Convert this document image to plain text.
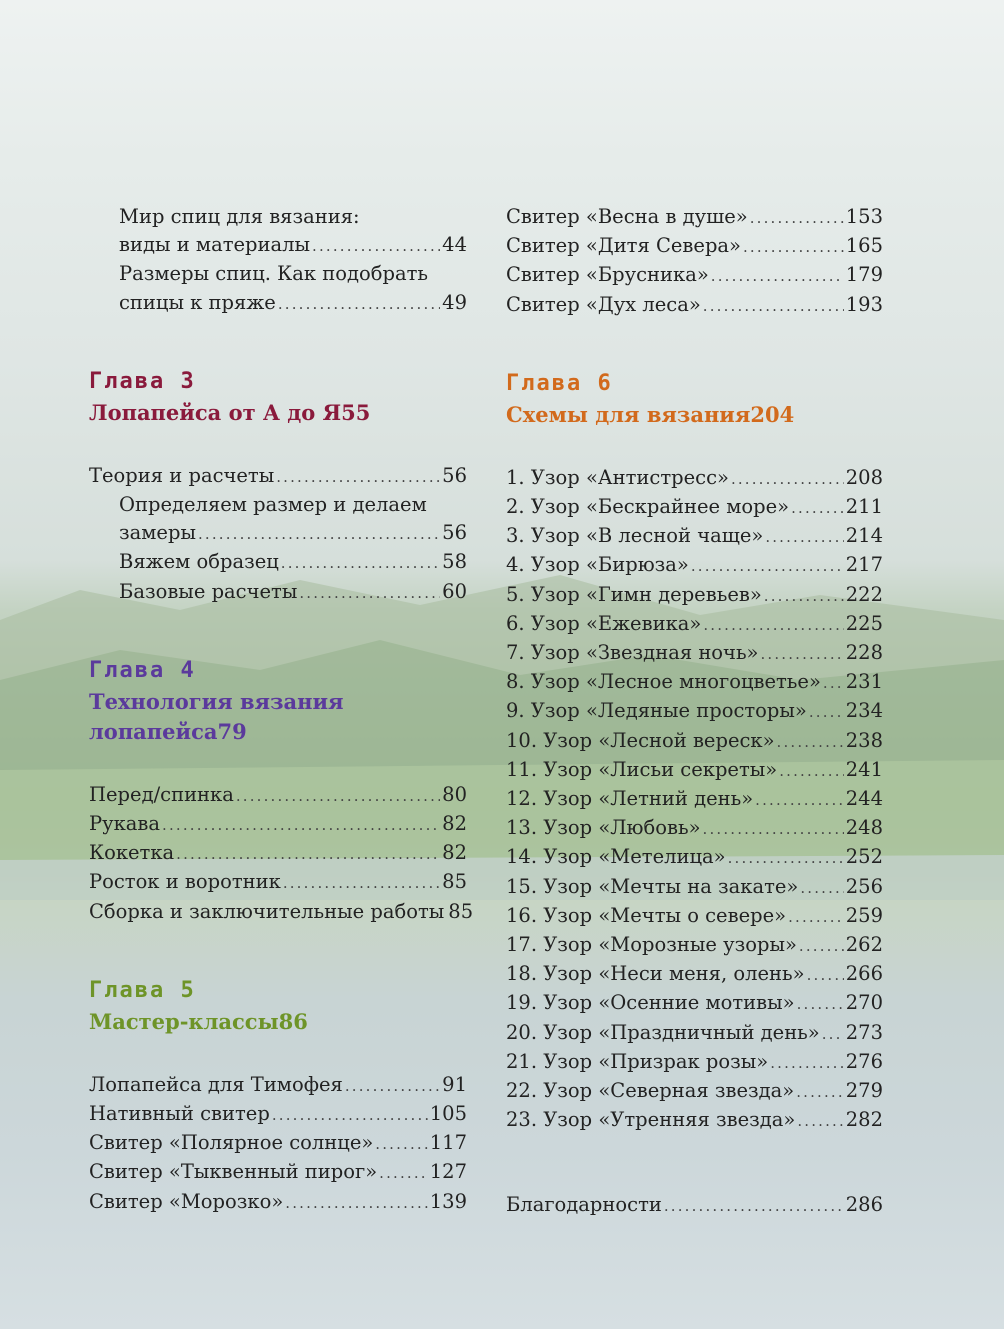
Мир спиц для вязания:
виды и материалы . . .	44
Размеры спиц. Как подобрать
спицы к пряже . . .	49
Глава 3
Лопапейса от А до Я 55
Теория и расчеты . . .	56
Определяем размер и делаем
замеры . . .	56
Вяжем образец . . .	58
Базовые расчеты . . .	60
Глава 4
Технология вязания
лопапейса 79
Перед/спинка . . .	80
Рукава . . .	82
Кокетка . . .	82
Росток и воротник . . .	85
Сборка и заключительные работы 85
Глава 5
Мастер-классы 86
Лопапейса для Тимофея . . .	91
Нативный свитер . . .	105
Свитер «Полярное солнце» . . .	117
Свитер «Тыквенный пирог» . . .	127
Свитер «Морозко» . . .	139
Свитер «Весна в душе» . . .	153
Свитер «Дитя Севера» . . .	165
Свитер «Брусника» . . .	179
Свитер «Дух леса» . . .	193
Глава 6
Схемы для вязания 204
1. Узор «Антистресс» . . .	208
2. Узор «Бескрайнее море» . . .	211
3. Узор «В лесной чаще» . . .	214
4. Узор «Бирюза» . . .	217
5. Узор «Гимн деревьев» . . .	222
6. Узор «Ежевика» . . .	225
7. Узор «Звездная ночь» . . .	228
8. Узор «Лесное многоцветье» . . . 231
9. Узор «Ледяные просторы» . . . 234
10. Узор «Лесной вереск» . . .	238
11. Узор «Лисьи секреты» . . .	241
12. Узор «Летний день» . . .	244
13. Узор «Любовь» . . .	248
14. Узор «Метелица» . . .	252
15. Узор «Мечты на закате» . . . 256
16. Узор «Мечты о севере» . . .	259
17. Узор «Морозные узоры» . . .	262
18. Узор «Неси меня, олень» . . . 266
19. Узор «Осенние мотивы» . . .	270
20. Узор «Праздничный день» . . . 273
21. Узор «Призрак розы» . . .	276
22. Узор «Северная звезда» . . .	279
23. Узор «Утренняя звезда» . . .	282
Благодарности . . .	286
